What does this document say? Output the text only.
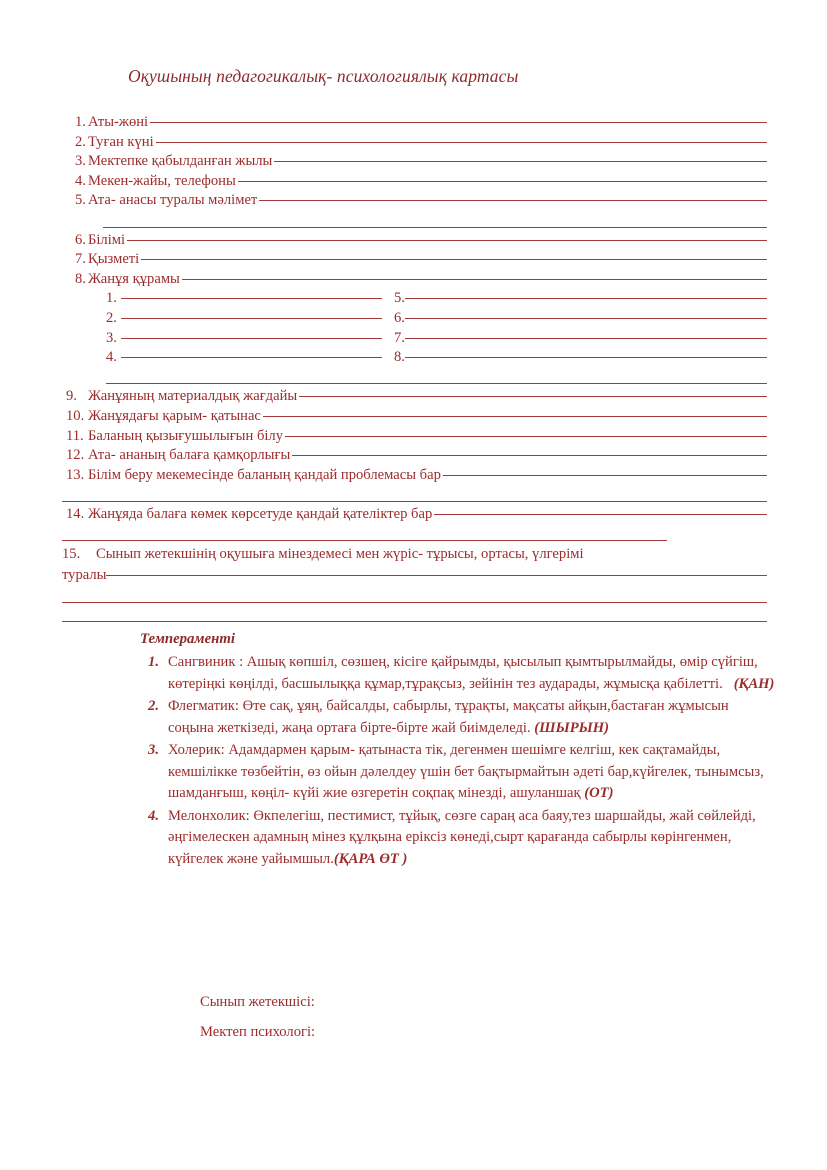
Оқушының педагогикалық- психологиялық картасы
1. Аты-жөні
2. Туған күні
3. Мектепке қабылданған жылы
4. Мекен-жайы, телефоны
5. Ата- анасы туралы мәлімет
6. Білімі
7. Қызметі
8. Жанұя құрамы
1.	5.
2.	6.
3.	7.
4.	8.
9. Жанұяның материалдық жағдайы
10. Жанұядағы қарым- қатынас
11. Баланың қызығушылығын білу
12. Ата- ананың балаға қамқорлығы
13. Білім беру мекемесінде баланың қандай проблемасы бар
14. Жанұяда балаға көмек көрсетуде қандай қателіктер бар
15. Сынып жетекшінің оқушыға мінездемесі мен жүріс- тұрысы, ортасы, үлгерімі
туралы
Темпераменті
1. Сангвиник : Ашық көпшіл, сөзшең, кісіге қайрымды, қысылып қымтырылмайды, өмір сүйгіш, көтеріңкі көңілді, басшылыққа құмар,тұрақсыз, зейінін тез аударады, жұмысқа қабілетті. (ҚАН)
2. Флегматик: Өте сақ, ұяң, байсалды, сабырлы, тұрақты, мақсаты айқын,бастаған жұмысын соңына жеткізеді, жаңа ортаға бірте-бірте жай биімделеді. (ШЫРЫН)
3. Холерик: Адамдармен қарым- қатынаста тік, дегенмен шешімге келгіш, кек сақтамайды, кемшілікке төзбейтін, өз ойын дәлелдеу үшін бет бақтырмайтын әдеті бар,күйгелек, тынымсыз, шамданғыш, көңіл- күйі жие өзгеретін соқпақ мінезді, ашуланшақ (ОТ)
4. Мелонхолик: Өкпелегіш, пестимист, тұйық, сөзге сараң аса баяу,тез шаршайды, жай сөйлейді, әңгімелескен адамның мінез құлқына еріксіз көнеді,сырт қарағанда сабырлы көрінгенмен, күйгелек және уайымшыл.(ҚАРА ӨТ )
Сынып жетекшісі:
Мектеп психологі:
